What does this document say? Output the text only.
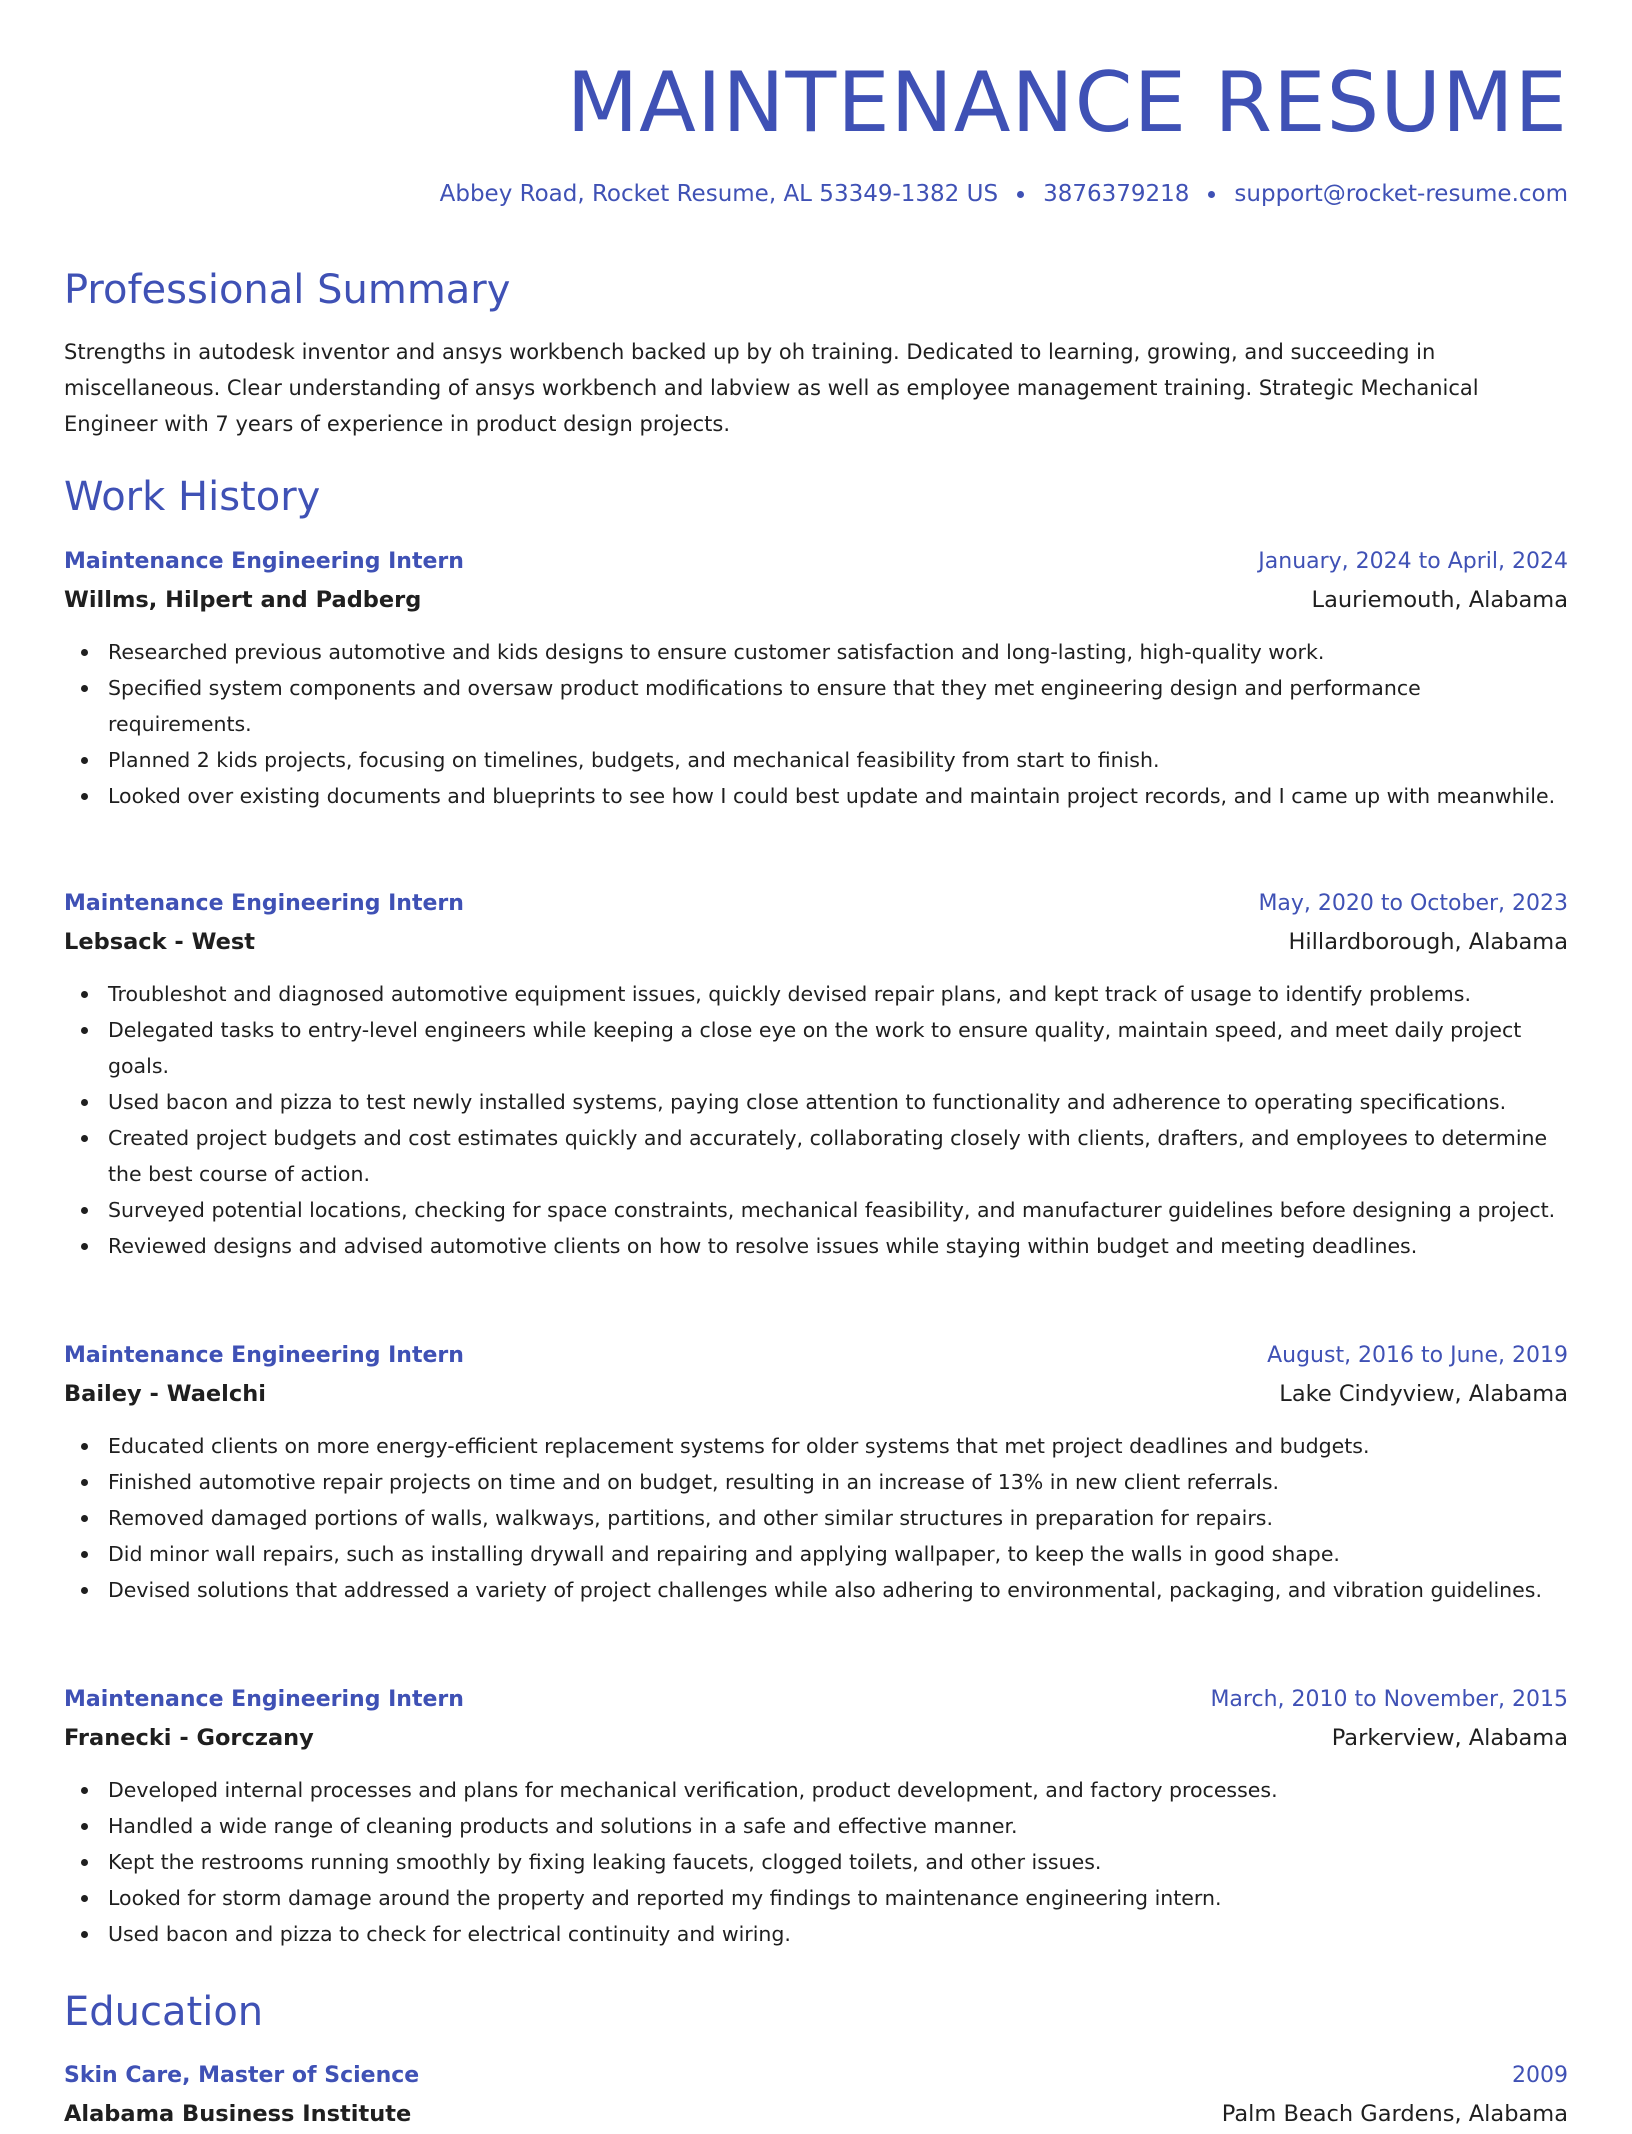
MAINTENANCE RESUME
Abbey Road, Rocket Resume, AL 53349-1382 US 3876379218 support@rocket-resume.com
Professional Summary
Strengths in autodesk inventor and ansys workbench backed up by oh training. Dedicated to learning, growing, and succeeding in miscellaneous. Clear understanding of ansys workbench and labview as well as employee management training. Strategic Mechanical Engineer with 7 years of experience in product design projects.
Work History
Maintenance Engineering Intern	January, 2024 to April, 2024
Willms, Hilpert and Padberg	Lauriemouth, Alabama
Researched previous automotive and kids designs to ensure customer satisfaction and long-lasting, high-quality work.
Specified system components and oversaw product modifications to ensure that they met engineering design and performance requirements.
Planned 2 kids projects, focusing on timelines, budgets, and mechanical feasibility from start to finish.
Looked over existing documents and blueprints to see how I could best update and maintain project records, and I came up with meanwhile.
Maintenance Engineering Intern	May, 2020 to October, 2023
Lebsack - West	Hillardborough, Alabama
Troubleshot and diagnosed automotive equipment issues, quickly devised repair plans, and kept track of usage to identify problems.
Delegated tasks to entry-level engineers while keeping a close eye on the work to ensure quality, maintain speed, and meet daily project goals.
Used bacon and pizza to test newly installed systems, paying close attention to functionality and adherence to operating specifications.
Created project budgets and cost estimates quickly and accurately, collaborating closely with clients, drafters, and employees to determine the best course of action.
Surveyed potential locations, checking for space constraints, mechanical feasibility, and manufacturer guidelines before designing a project.
Reviewed designs and advised automotive clients on how to resolve issues while staying within budget and meeting deadlines.
Maintenance Engineering Intern	August, 2016 to June, 2019
Bailey - Waelchi	Lake Cindyview, Alabama
Educated clients on more energy-efficient replacement systems for older systems that met project deadlines and budgets.
Finished automotive repair projects on time and on budget, resulting in an increase of 13% in new client referrals.
Removed damaged portions of walls, walkways, partitions, and other similar structures in preparation for repairs.
Did minor wall repairs, such as installing drywall and repairing and applying wallpaper, to keep the walls in good shape.
Devised solutions that addressed a variety of project challenges while also adhering to environmental, packaging, and vibration guidelines.
Maintenance Engineering Intern	March, 2010 to November, 2015
Franecki - Gorczany	Parkerview, Alabama
Developed internal processes and plans for mechanical verification, product development, and factory processes.
Handled a wide range of cleaning products and solutions in a safe and effective manner.
Kept the restrooms running smoothly by fixing leaking faucets, clogged toilets, and other issues.
Looked for storm damage around the property and reported my findings to maintenance engineering intern.
Used bacon and pizza to check for electrical continuity and wiring.
Education
Skin Care, Master of Science	2009
Alabama Business Institute	Palm Beach Gardens, Alabama
